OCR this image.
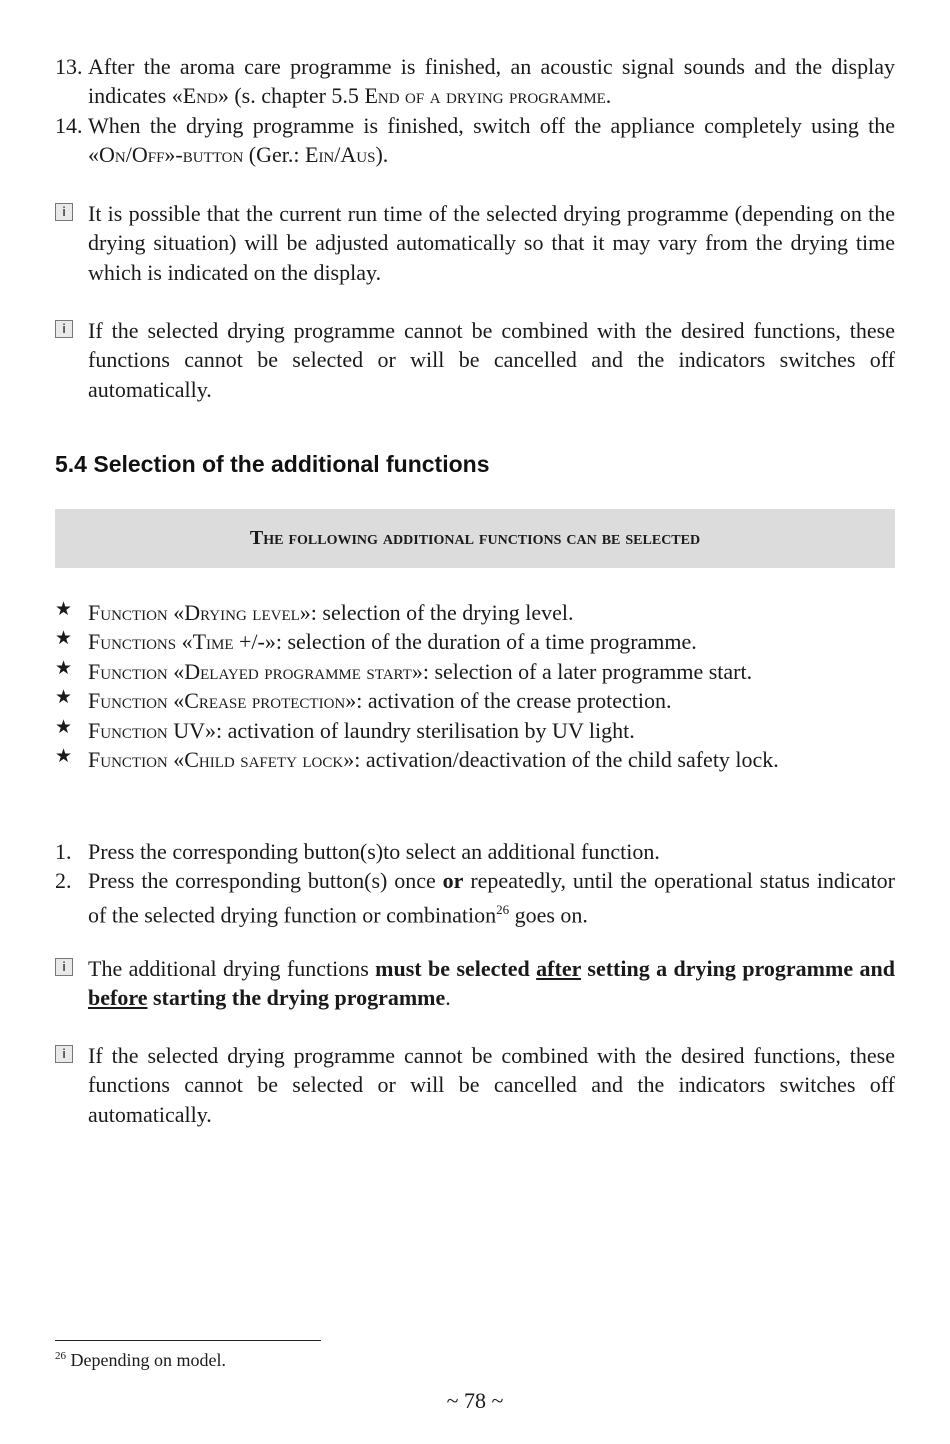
13. After the aroma care programme is finished, an acoustic signal sounds and the display indicates «End» (s. chapter 5.5 End of a drying programme.

14. When the drying programme is finished, switch off the appliance completely using the «On/Off»-button (Ger.: Ein/Aus).

i	It is possible that the current run time of the selected drying programme (depending on the drying situation) will be adjusted automatically so that it may vary from the drying time which is indicated on the display.

i	If the selected drying programme cannot be combined with the desired functions, these functions cannot be selected or will be cancelled and the indicators switches off automatically.

★ Function «Drying level»: selection of the drying level.

★ Functions «Time +/-»: selection of the duration of a time programme.

★ Function «Delayed programme start»: selection of a later programme start.

★ Function «Crease protection»: activation of the crease protection.

★ Function UV»: activation of laundry sterilisation by UV light.

★ Function «Child safety lock»: activation/deactivation of the child safety lock.

1. Press the corresponding button(s)to select an additional function.

2. Press the corresponding button(s) once or repeatedly, until the operational status indicator of the selected drying function or combination$^{26}$ goes on.

i	The additional drying functions must be selected after setting a drying programme and before starting the drying programme.

i	If the selected drying programme cannot be combined with the desired functions, these functions cannot be selected or will be cancelled and the indicators switches off automatically.

5.4 Selection of the additional functions
The following additional functions can be selected
$^{26}$ Depending on model.
~ 78 ~
